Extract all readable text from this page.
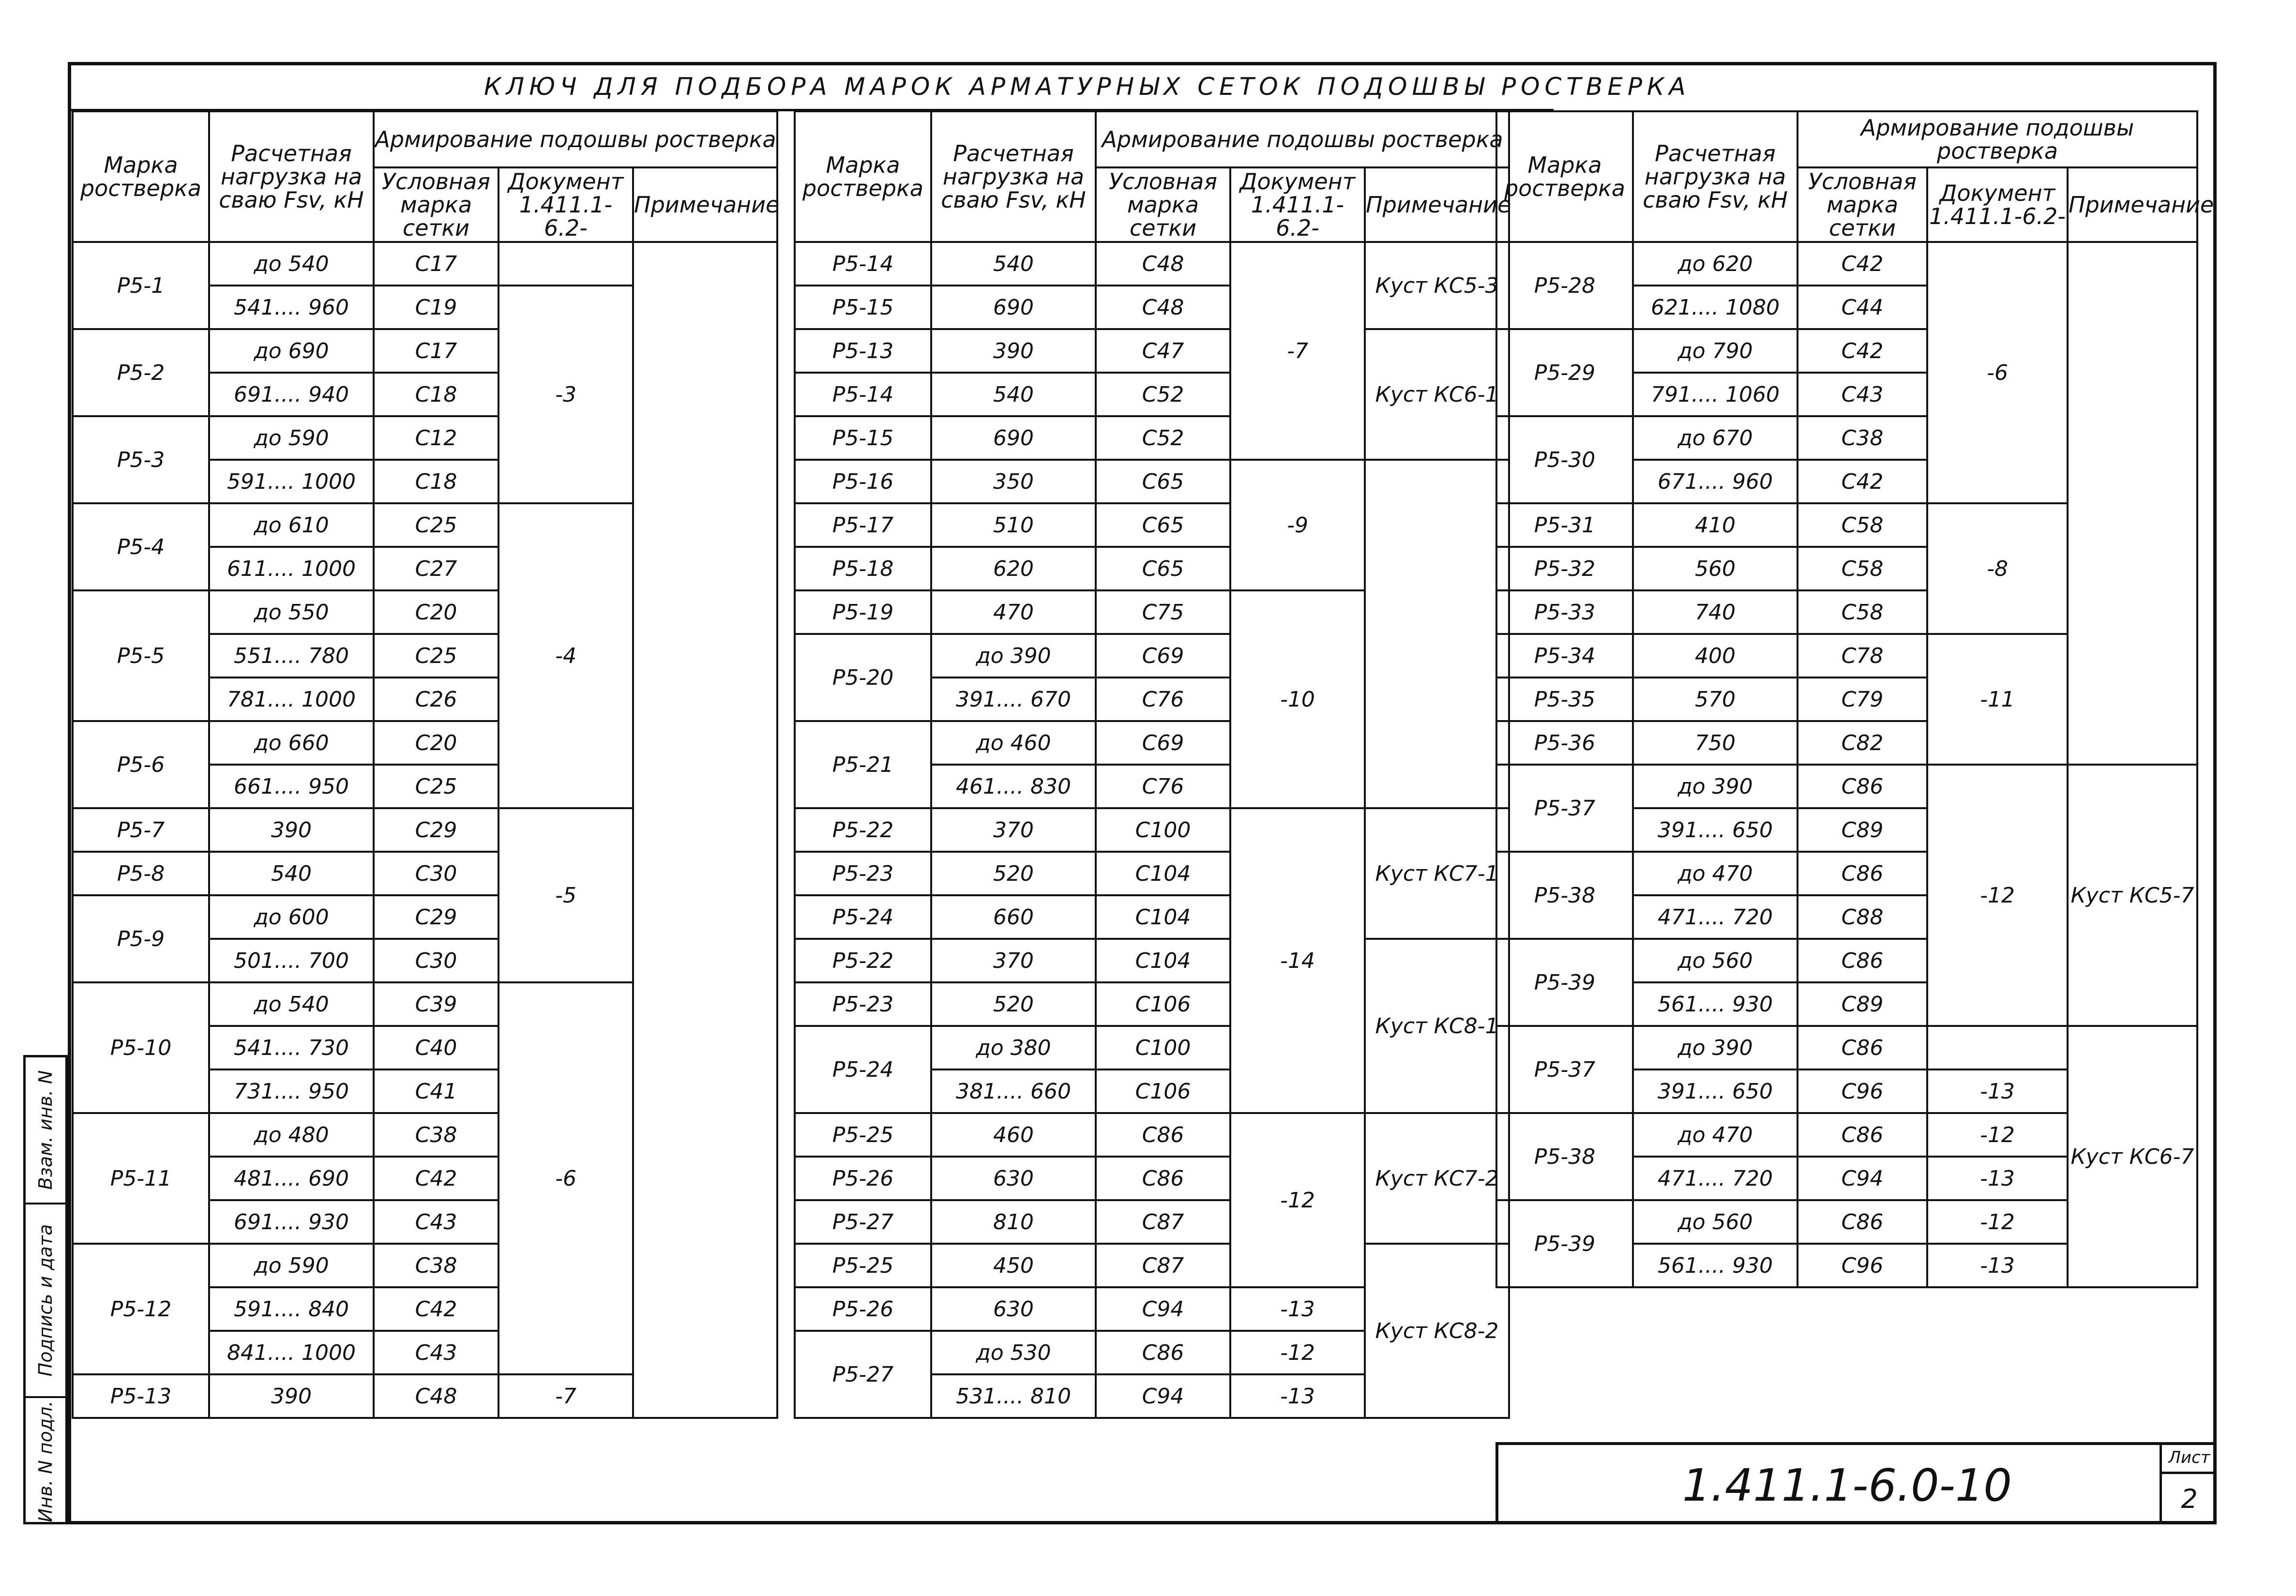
КЛЮЧ ДЛЯ ПОДБОРА МАРОК АРМАТУРНЫХ СЕТОК ПОДОШВЫ РОСТВЕРКА
Марка ростверка	Расчетная нагрузка на сваю Fsv, кН	Армирование подошвы ростверка		
		Условная марка сетки	Документ 1.411.1-6.2-	Примечание
Р5-1	до 540	С17		
	541.... 960	С19	-3	
Р5-2	до 690	С17		
	691.... 940	С18		
Р5-3	до 590	С12		
	591.... 1000	С18		
Р5-4	до 610	С25	-4	
	611.... 1000	С27		
Р5-5	до 550	С20		
	551.... 780	С25		
	781.... 1000	С26		
Р5-6	до 660	С20		
	661.... 950	С25		
Р5-7	390	С29	-5	
Р5-8	540	С30		
Р5-9	до 600	С29		
	501.... 700	С30		
Р5-10	до 540	С39	-6	
	541.... 730	С40		
	731.... 950	С41		
Р5-11	до 480	С38		
	481.... 690	С42		
	691.... 930	С43		
Р5-12	до 590	С38		
	591.... 840	С42		
	841.... 1000	С43		
Р5-13	390	С48	-7	
Марка ростверка	Расчетная нагрузка на сваю Fsv, кН	Армирование подошвы ростверка		
		Условная марка сетки	Документ 1.411.1-6.2-	Примечание
Р5-14	540	С48	-7	Куст КС5-3
Р5-15	690	С48		
Р5-13	390	С47		Куст КС6-1
Р5-14	540	С52		
Р5-15	690	С52		
Р5-16	350	С65	-9	
Р5-17	510	С65		
Р5-18	620	С65		
Р5-19	470	С75	-10	
Р5-20	до 390	С69		
	391.... 670	С76		
Р5-21	до 460	С69		
	461.... 830	С76		
Р5-22	370	С100	-14	Куст КС7-1
Р5-23	520	С104		
Р5-24	660	С104		
Р5-22	370	С104		Куст КС8-1
Р5-23	520	С106		
Р5-24	до 380	С100		
	381.... 660	С106		
Р5-25	460	С86	-12	Куст КС7-2
Р5-26	630	С86		
Р5-27	810	С87		
Р5-25	450	С87		Куст КС8-2
Р5-26	630	С94	-13	
Р5-27	до 530	С86	-12	
	531.... 810	С94	-13	
Марка ростверка	Расчетная нагрузка на сваю Fsv, кН	Армирование подошвы ростверка		
		Условная марка сетки	Документ 1.411.1-6.2-	Примечание
Р5-28	до 620	С42	-6	
	621.... 1080	С44		
Р5-29	до 790	С42		
	791.... 1060	С43		
Р5-30	до 670	С38		
	671.... 960	С42		
Р5-31	410	С58	-8	
Р5-32	560	С58		
Р5-33	740	С58		
Р5-34	400	С78	-11	
Р5-35	570	С79		
Р5-36	750	С82		
Р5-37	до 390	С86	-12	Куст КС5-7
	391.... 650	С89		
Р5-38	до 470	С86		
	471.... 720	С88		
Р5-39	до 560	С86		
	561.... 930	С89		
Р5-37	до 390	С86		Куст КС6-7
	391.... 650	С96	-13	
Р5-38	до 470	С86	-12	
	471.... 720	С94	-13	
Р5-39	до 560	С86	-12	
	561.... 930	С96	-13	
Взам. инв. N
Подпись и дата
Инв. N подл.	1.411.1-6.0-10
Лист
2
